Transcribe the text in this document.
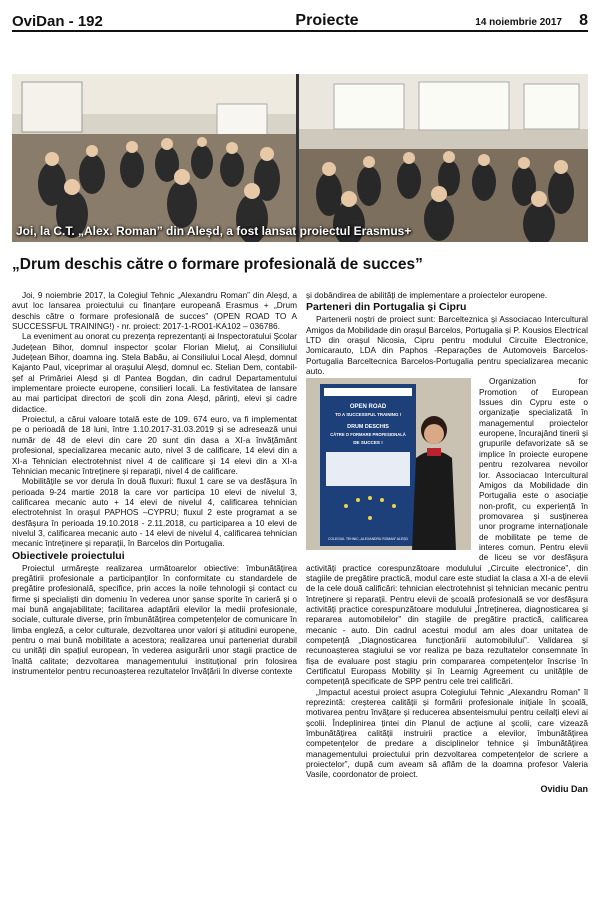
OviDan - 192	Proiecte	14 noiembrie 2017	8
Joi, la C.T. „Alex. Roman” din Aleșd, a fost lansat proiectul Erasmus+
„Drum deschis către o formare profesională de succes”

Joi, 9 noiembrie 2017, la Colegiul Tehnic „Alexandru Roman” din Aleșd, a avut loc lansarea proiectului cu finanțare europeană Erasmus + „Drum deschis către o formare profesională de succes” (OPEN ROAD TO A SUCCESSFUL TRAINING!) - nr. proiect: 2017-1-RO01-KA102 – 036786.

La eveniment au onorat cu prezența reprezentanți ai Inspectoratului Școlar Județean Bihor, domnul inspector școlar Florian Mieluț, ai Consiliului Județean Bihor, doamna ing. Stela Babău, ai Consiliului Local Aleșd, domnul Kajanto Paul, viceprimar al orașului Aleșd, domnul ec. Stelian Dem, contabil-șef al Primăriei Aleșd și dl Pantea Bogdan, din cadrul Departamentului implementare proiecte europene, consilieri locali. La festivitatea de lansare au mai participat directori de școli din zona Aleșd, părinți, elevi și cadre didactice.

Proiectul, a cărui valoare totală este de 109. 674 euro, va fi implementat pe o perioadă de 18 luni, între 1.10.2017-31.03.2019 și se adresează unui număr de 48 de elevi din care 20 sunt din dasa a XI-a învățământ profesional, specializarea mecanic auto, nivel 3 de calificare, 14 elevi din a XI-a Tehnician electrotehnist nivel 4 de calificare și 14 elevi din a XI-a Tehnician mecanic întreținere și reparații, nivel 4 de calificare.

Mobilitățile se vor derula în două fluxuri: fluxul 1 care se va desfășura în perioada 9-24 martie 2018 la care vor participa 10 elevi de nivelul 3, calificarea mecanic auto + 14 elevi de nivelul 4, calificarea tehnician electrotehnist în orașul PAPHOS –CYPRU; fluxul 2 este programat a se desfășura în perioada 19.10.2018 - 2.11.2018, cu participarea a 10 elevi de nivelul 3, calificarea mecanic auto - 14 elevi de nivelul 4, calificarea tehnician mecanic întreținere și reparații, în Barcelos din Portugalia.

Obiectivele proiectului

Proiectul urmărește realizarea următoarelor obiective: îmbunătățirea pregătirii profesionale a participanților în conformitate cu standardele de pregătire profesională, specifice, prin acces la noile tehnologii și contact cu firme și specialiști din domeniu în vederea unor șanse sporite în carieră și o mai bună angajabilitate; facilitarea adaptării elevilor la medii profesionale, sociale, culturale diverse, prin îmbunătățirea competențelor de comunicare în limba engleză, a celor culturale, dezvoltarea unor valori și atitudini europene, pentru o mai bună mobilitate a acestora; realizarea unui parteneriat durabil cu unități din spațiul european, în vederea asigurării unor stagii practice de înaltă calitate; dezvoltarea managementului instituțional prin folosirea instrumentelor pentru recunoașterea rezultatelor învățării în diverse contexte

și dobândirea de abilități de implementare a proiectelor europene.

Parteneri din Portugalia și Cipru

Partenerii noștri de proiect sunt: Barcelteznica și Associacao Intercultural Amigos da Mobilidade din orașul Barcelos, Portugalia și P. Kousios Electrical LTD din orașul Nicosia, Cipru pentru modulul Circuite Electronice, Jomicarauto, LDA din Paphos -Reparações de Automoveis Barcelos-Portugalia Barceltecnica Barcelos-Portugalia pentru specializarea mecanic auto.

OPEN ROAD
TO A SUCCESSFUL TRAINING !
DRUM DESCHIS
CĂTRE O FORMARE PROFESIONALĂ
DE SUCCES !
COLEGIUL TEHNIC „ALEXANDRU ROMAN” ALEȘD

Organization for Promotion of European Issues din Cypru este o organizație specializată în managementul proiectelor europene, încurajând tinerii și grupurile defavorizate să se implice în proiecte europene pentru rezolvarea nevoilor lor. Associacao Intercultural Amigos da Mobilidade din Portugalia este o asociație non-profit, cu experiență în promovarea și susținerea unor programe internaționale de mobilitate pe teme de interes comun. Pentru elevii de liceu se vor desfășura activități practice corespunzătoare modulului „Circuite electronice”, din stagiile de pregătire practică, modul care este studiat la clasa a XI-a de elevii de la cele două calificări: tehnician electrotehnist și tehnician mecanic pentru întreținere și reparații. Pentru elevii de școală profesională se vor desfășura activități practice corespunzătoare modulului „Întreținerea, diagnosticarea și repararea automobilelor” din stagiile de pregătire practică, calificarea mecanic - auto. Din cadrul acestui modul am ales doar unitatea de competență „Diagnosticarea funcționării automobilului”. Validarea și recunoașterea stagiului se vor realiza pe baza rezultatelor consemnate în fișa de evaluare post stagiu prin compararea competențelor înscrise în Certificatul Europass Mobility și în Learnig Agreement cu unitățile de competență specificate de SPP pentru cele trei calificări.

„Impactul acestui proiect asupra Colegiului Tehnic „Alexandru Roman” îl reprezintă: creșterea calității și formării profesionale inițiale în școală, motivarea pentru învățare și reducerea absenteismului pentru ceilalți elevi ai școlii. Îndeplinirea țintei din Planul de acțiune al școlii, care vizează îmbunătățirea calității instruirii practice a elevilor, îmbunătățirea competențelor de predare a disciplinelor tehnice și îmbunătățirea managementului proiectului prin dezvoltarea competențelor de scriere a proiectelor”, după cum aveam să aflăm de la doamna profesor Valeria Vasile, coordonator de proiect.

Ovidiu Dan
